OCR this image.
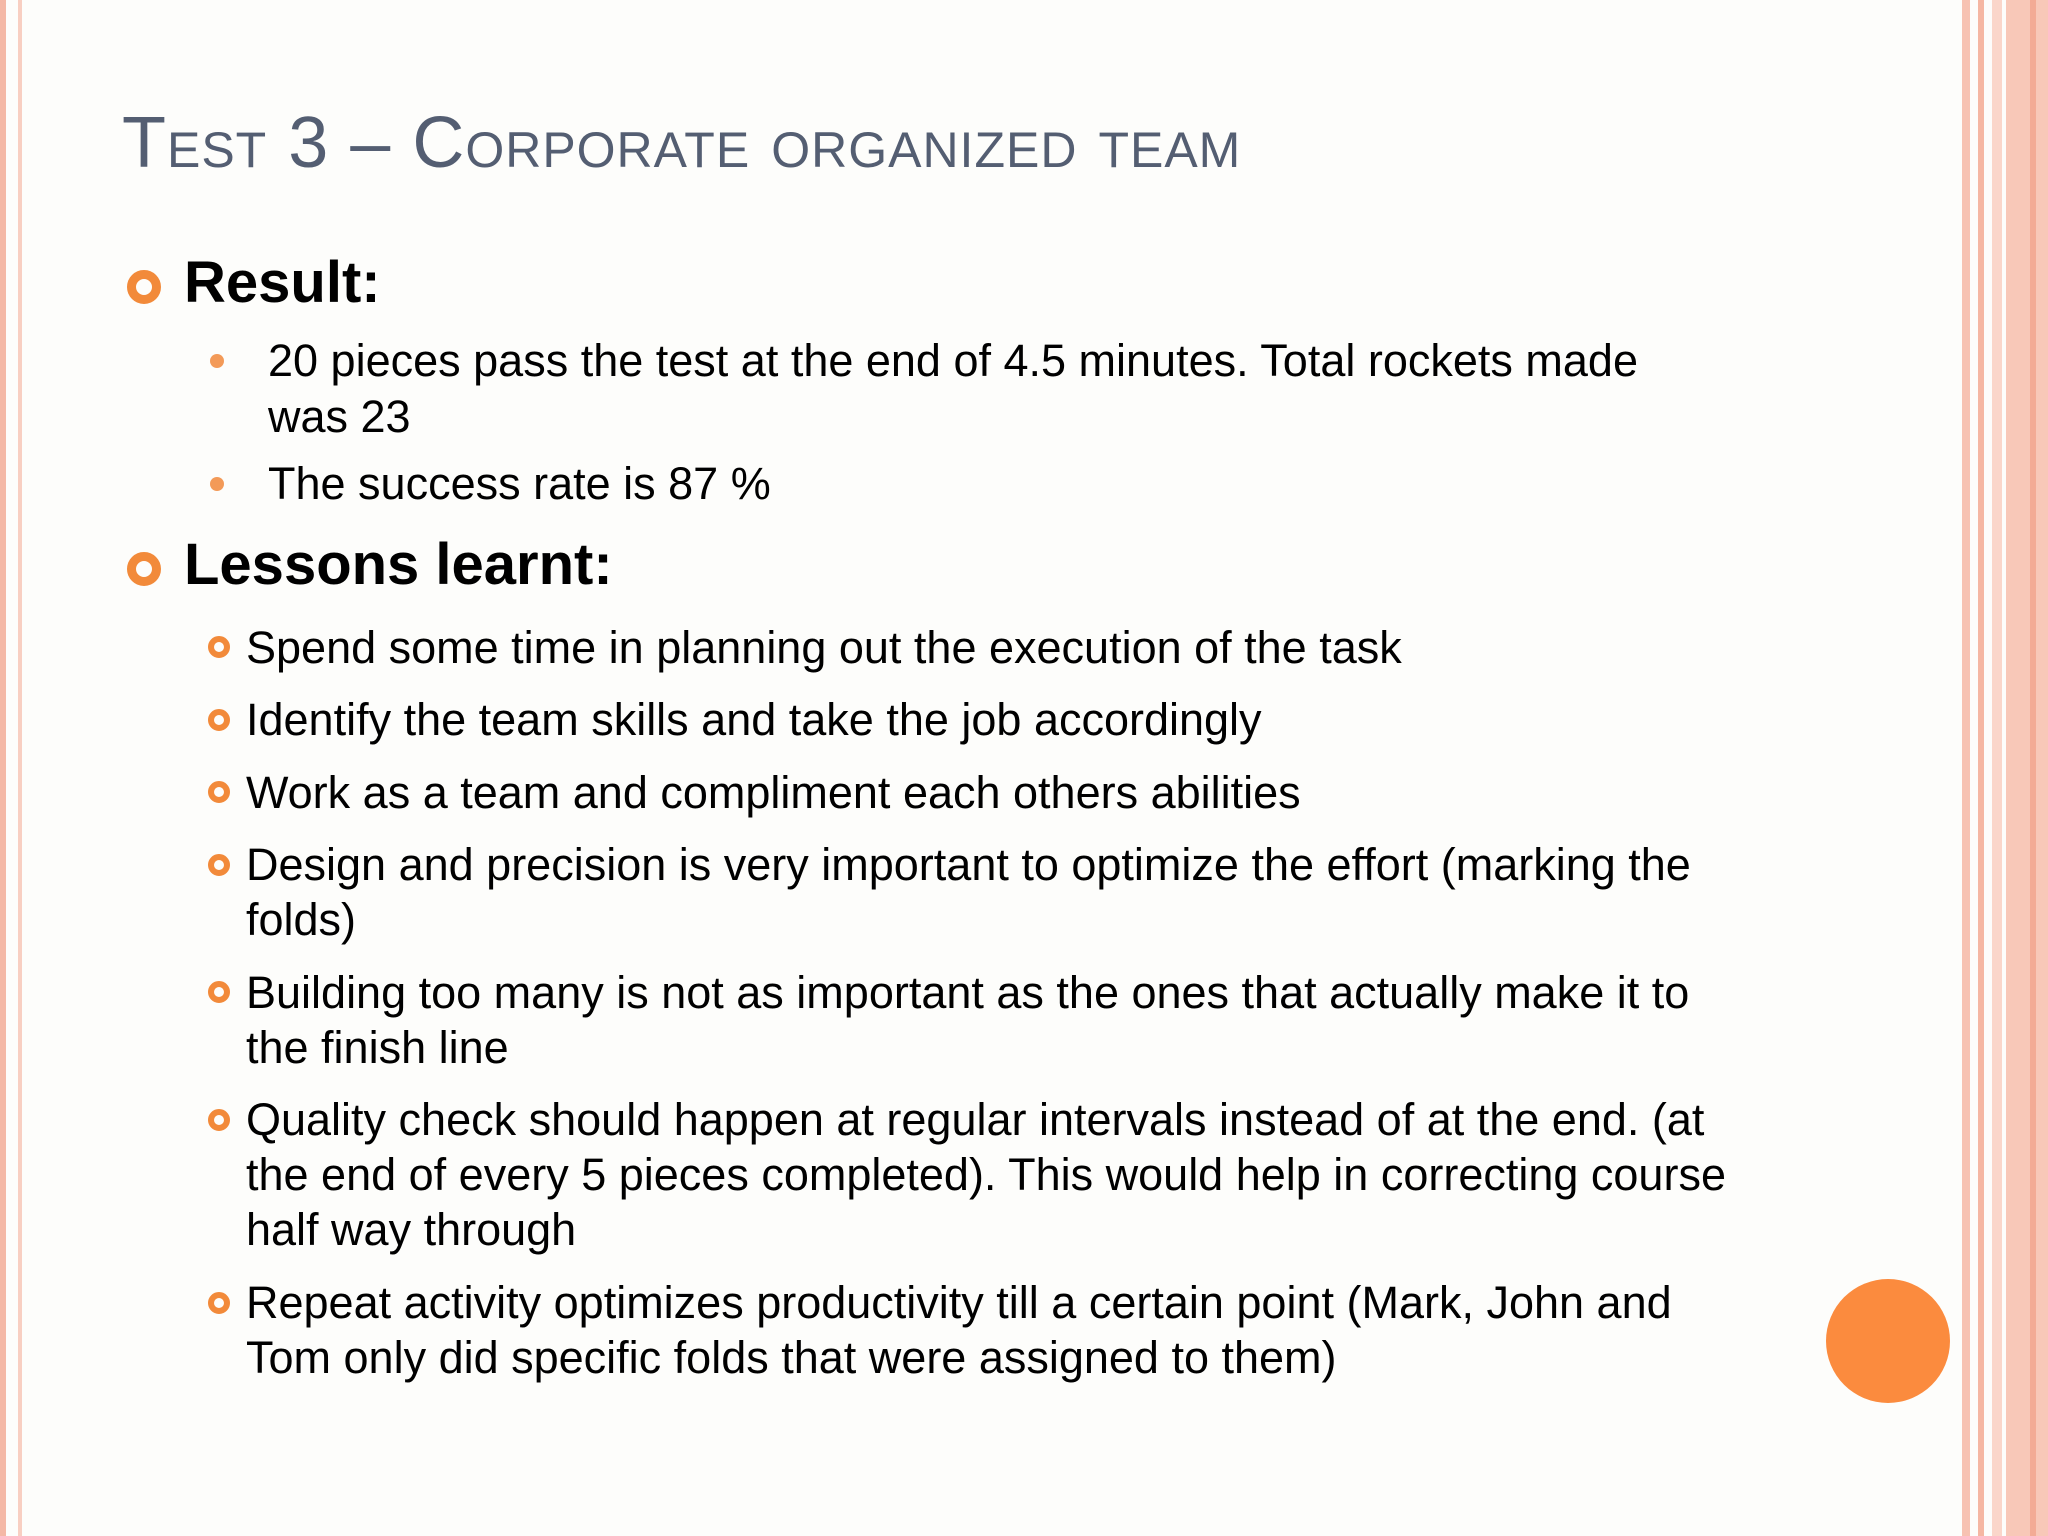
Test 3 – Corporate organized team
Result:
20 pieces pass the test at the end of 4.5 minutes. Total rockets made was 23
The success rate is 87 %
Lessons learnt:
Spend some time in planning out the execution of the task
Identify the team skills and take the job accordingly
Work as a team and compliment each others abilities
Design and precision is very important to optimize the effort (marking the folds)
Building too many is not as important as the ones that actually make it to the finish line
Quality check should happen at regular intervals instead of at the end. (at the end of every 5 pieces completed). This would help in correcting course half way through
Repeat activity optimizes productivity till a certain point (Mark, John and Tom only did specific folds that were assigned to them)
